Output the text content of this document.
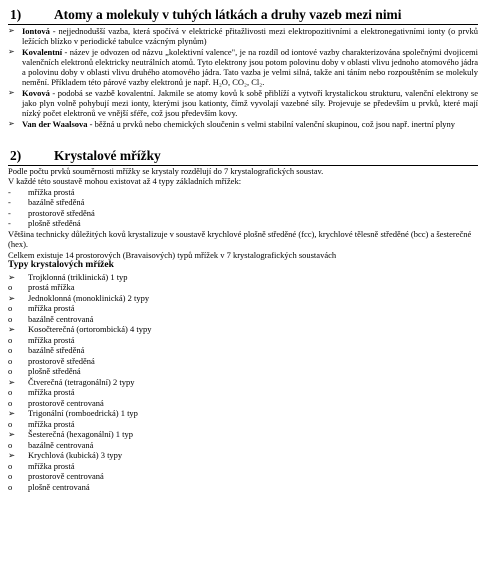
1)	Atomy a molekuly v tuhých látkách a druhy vazeb mezi nimi
➢ Iontová - nejjednodušší vazba, která spočívá v elektrické přitažlivosti mezi elektropozitivními a elektronegativními ionty (o prvků ležících blízko v periodické tabulce vzácným plynům)
➢ Kovalentní - název je odvozen od názvu „kolektivní valence", je na rozdíl od iontové vazby charakterizována společnými dvojicemi valenčních elektronů elektricky neutrálních atomů. Tyto elektrony jsou potom polovinu doby v oblasti vlivu jednoho atomového jádra a polovinu doby v oblasti vlivu druhého atomového jádra. Tato vazba je velmi silná, takže ani táním nebo rozpouštěním se molekuly nemění. Příkladem této párové vazby elektronů je např. H₂O, CO₂, Cl₂.
➢ Kovová - podobá se vazbě kovalentní. Jakmile se atomy kovů k sobě přiblíží a vytvoří krystalickou strukturu, valenční elektrony se jako plyn volně pohybují mezi ionty, kterými jsou kationty, čímž vyvolají vazebné síly. Projevuje se především u prvků, které mají nízký počet elektronů ve vnější sféře, což jsou především kovy.
➢ Van der Waalsova - běžná u prvků nebo chemických sloučenin s velmi stabilní valenční skupinou, což jsou např. inertní plyny
2)	Krystalové mřížky
Podle počtu prvků souměrnosti mřížky se krystaly rozdělují do 7 krystalografických soustav.
V každé této soustavě mohou existovat až 4 typy základních mřížek:
- mřížka prostá
- bazálně středěná
- prostorově středěná
- plošně středěná
Většina technicky důležitých kovů krystalizuje v soustavě krychlové plošně středěné (fcc), krychlové tělesně středěné (bcc) a šesterečné (hex).
Celkem existuje 14 prostorových (Bravaisových) typů mřížek v 7 krystalografických soustavách
Typy krystalových mřížek
➢ Trojklonná (triklinická) 1 typ
o prostá mřížka
➢ Jednoklonná (monoklinická) 2 typy
o mřížka prostá
o bazálně centrovaná
➢ Kosočterečná (ortorombická) 4 typy
o mřížka prostá
o bazálně středěná
o prostorově středěná
o plošně středěná
➢ Čtverečná (tetragonální) 2 typy
o mřížka prostá
o prostorově centrovaná
➢ Trigonální (romboedrická) 1 typ
o mřížka prostá
➢ Šesterečná (hexagonální) 1 typ
o bazálně centrovaná
➢ Krychlová (kubická) 3 typy
o mřížka prostá
o prostorově centrovaná
o plošně centrovaná
